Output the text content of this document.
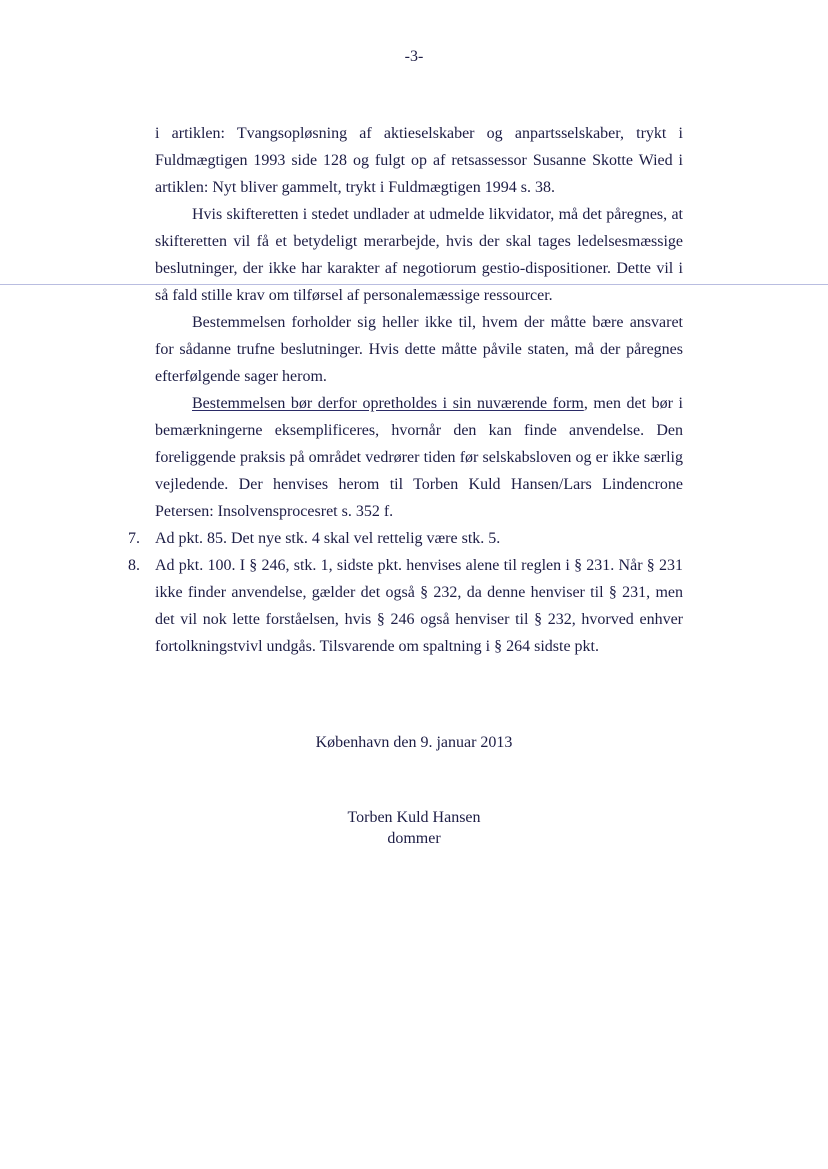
-3-

i artiklen: Tvangsopløsning af aktieselskaber og anpartsselskaber, trykt i Fuldmægtigen 1993 side 128 og fulgt op af retsassessor Susanne Skotte Wied i artiklen: Nyt bliver gammelt, trykt i Fuldmægtigen 1994 s. 38.

Hvis skifteretten i stedet undlader at udmelde likvidator, må det påregnes, at skifteretten vil få et betydeligt merarbejde, hvis der skal tages ledelsesmæssige beslutninger, der ikke har karakter af negotiorum gestio-dispositioner. Dette vil i så fald stille krav om tilførsel af personalemæssige ressourcer.

Bestemmelsen forholder sig heller ikke til, hvem der måtte bære ansvaret for sådanne trufne beslutninger. Hvis dette måtte påvile staten, må der påregnes efterfølgende sager herom.

Bestemmelsen bør derfor opretholdes i sin nuværende form, men det bør i bemærkningerne eksemplificeres, hvornår den kan finde anvendelse. Den foreliggende praksis på området vedrører tiden før selskabsloven og er ikke særlig vejledende. Der henvises herom til Torben Kuld Hansen/Lars Lindencrone Petersen: Insolvensprocesret s. 352 f.

7. Ad pkt. 85. Det nye stk. 4 skal vel rettelig være stk. 5.
8. Ad pkt. 100. I § 246, stk. 1, sidste pkt. henvises alene til reglen i § 231. Når § 231 ikke finder anvendelse, gælder det også § 232, da denne henviser til § 231, men det vil nok lette forståelsen, hvis § 246 også henviser til § 232, hvorved enhver fortolkningstvivl undgås. Tilsvarende om spaltning i § 264 sidste pkt.
København den 9. januar 2013
Torben Kuld Hansen
dommer
